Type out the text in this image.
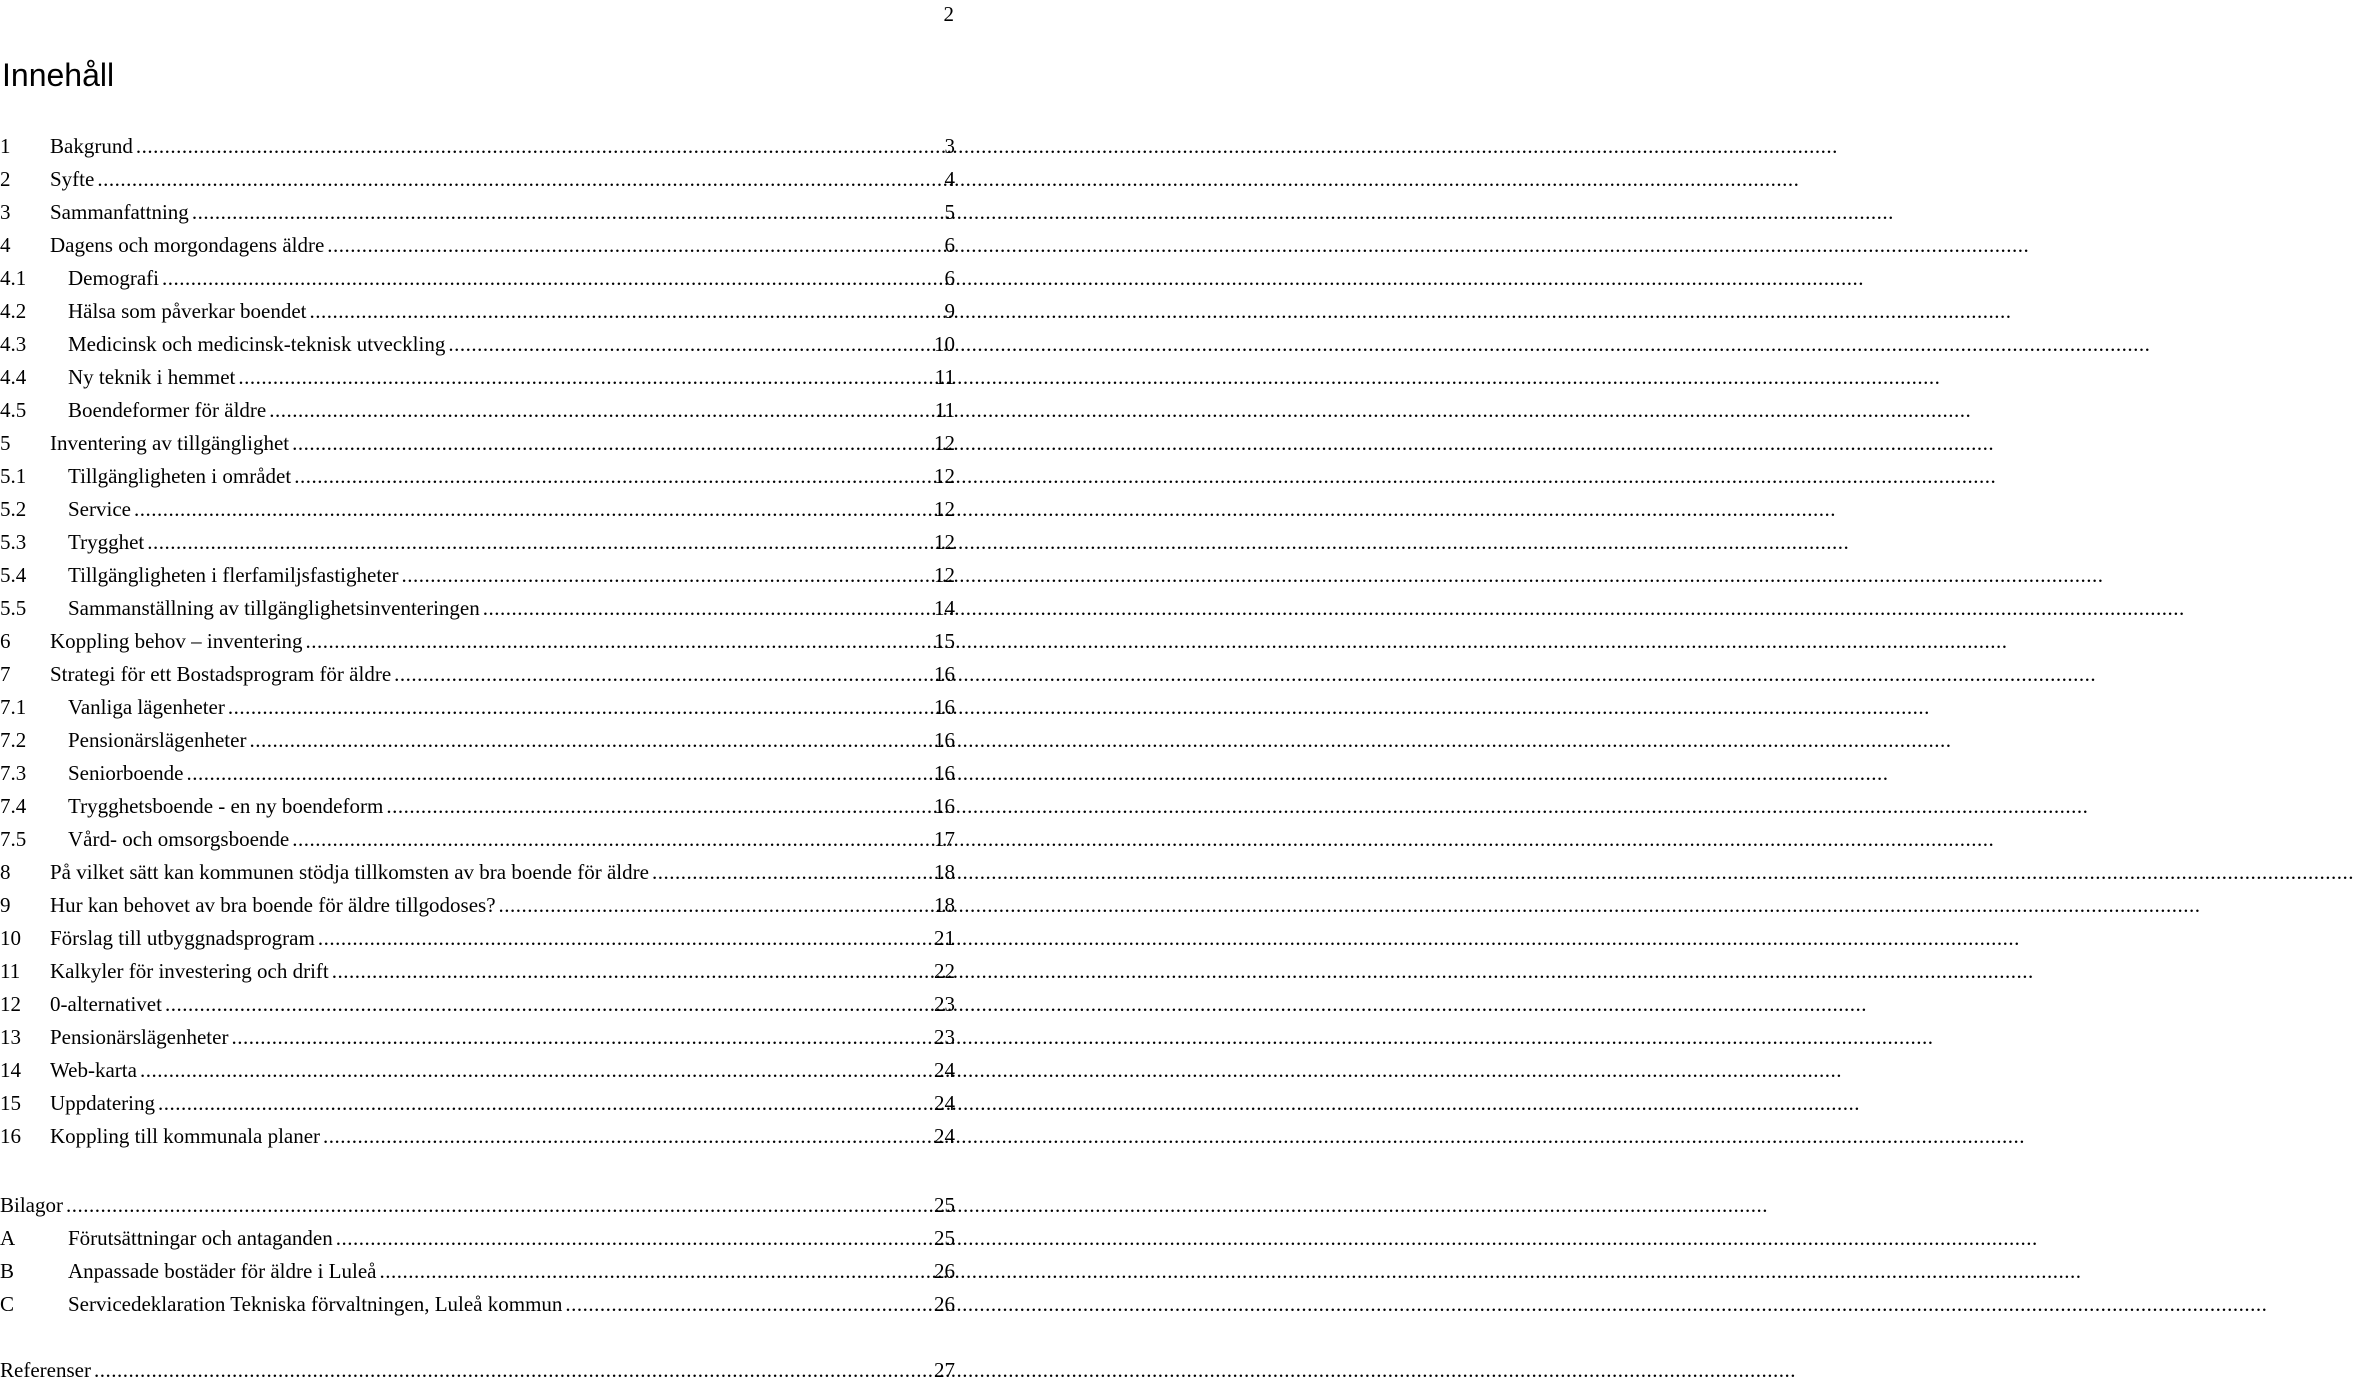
2
Innehåll
1	Bakgrund .....	3
2	Syfte .....	4
3	Sammanfattning .....	5
4	Dagens och morgondagens äldre .....	6
4.1	Demografi .....	6
4.2	Hälsa som påverkar boendet .....	9
4.3	Medicinsk och medicinsk-teknisk utveckling .....	10
4.4	Ny teknik i hemmet .....	11
4.5	Boendeformer för äldre .....	11
5	Inventering av tillgänglighet .....	12
5.1	Tillgängligheten i området .....	12
5.2	Service .....	12
5.3	Trygghet .....	12
5.4	Tillgängligheten i flerfamiljsfastigheter .....	12
5.5	Sammanställning av tillgänglighetsinventeringen .....	14
6	Koppling behov – inventering .....	15
7	Strategi för ett Bostadsprogram för äldre .....	16
7.1	Vanliga lägenheter .....	16
7.2	Pensionärslägenheter .....	16
7.3	Seniorboende .....	16
7.4	Trygghetsboende - en ny boendeform .....	16
7.5	Vård- och omsorgsboende .....	17
8	På vilket sätt kan kommunen stödja tillkomsten av bra boende för äldre .....	18
9	Hur kan behovet av bra boende för äldre tillgodoses? .....	18
10	Förslag till utbyggnadsprogram .....	21
11	Kalkyler för investering och drift .....	22
12	0-alternativet .....	23
13	Pensionärslägenheter .....	23
14	Web-karta .....	24
15	Uppdatering .....	24
16	Koppling till kommunala planer .....	24
Bilagor .....	25
A	Förutsättningar och antaganden .....	25
B	Anpassade bostäder för äldre i Luleå .....	26
C	Servicedeklaration Tekniska förvaltningen, Luleå kommun .....	26
Referenser .....	27
